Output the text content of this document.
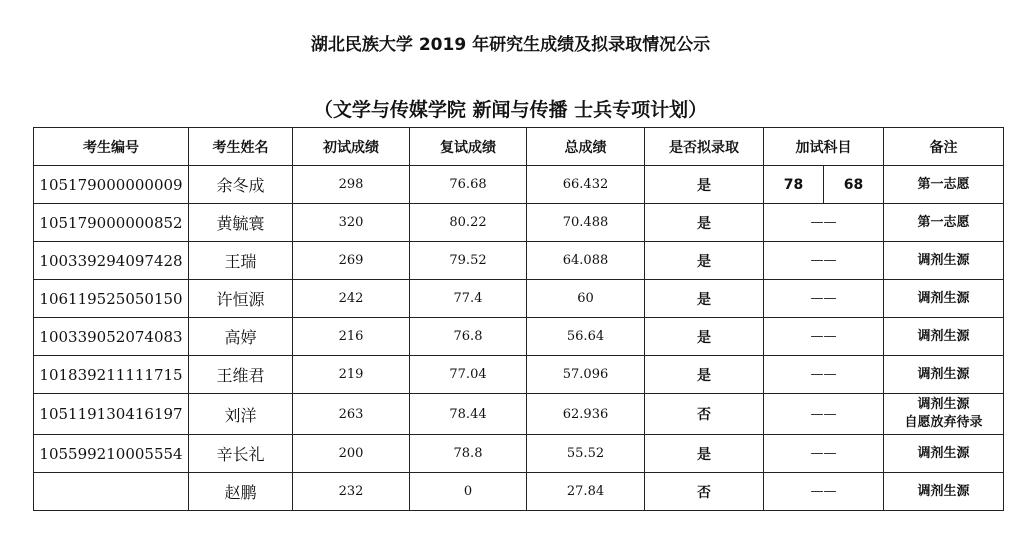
湖北民族大学 2019 年研究生成绩及拟录取情况公示
（文学与传媒学院 新闻与传播 士兵专项计划）
考生编号	考生姓名	初试成绩	复试成绩	总成绩	是否拟录取	加试科目		备注
105179000000009	余冬成	298	76.68	66.432	是	78	68	第一志愿
105179000000852	黄毓寰	320	80.22	70.488	是	——		第一志愿
100339294097428	王瑞	269	79.52	64.088	是	——		调剂生源
106119525050150	许恒源	242	77.4	60	是	——		调剂生源
100339052074083	高婷	216	76.8	56.64	是	——		调剂生源
101839211111715	王维君	219	77.04	57.096	是	——		调剂生源
105119130416197	刘洋	263	78.44	62.936	否	——		调剂生源
自愿放弃待录

105599210005554	辛长礼	200	78.8	55.52	是	——		调剂生源
	赵鹏	232	0	27.84	否	——		调剂生源
